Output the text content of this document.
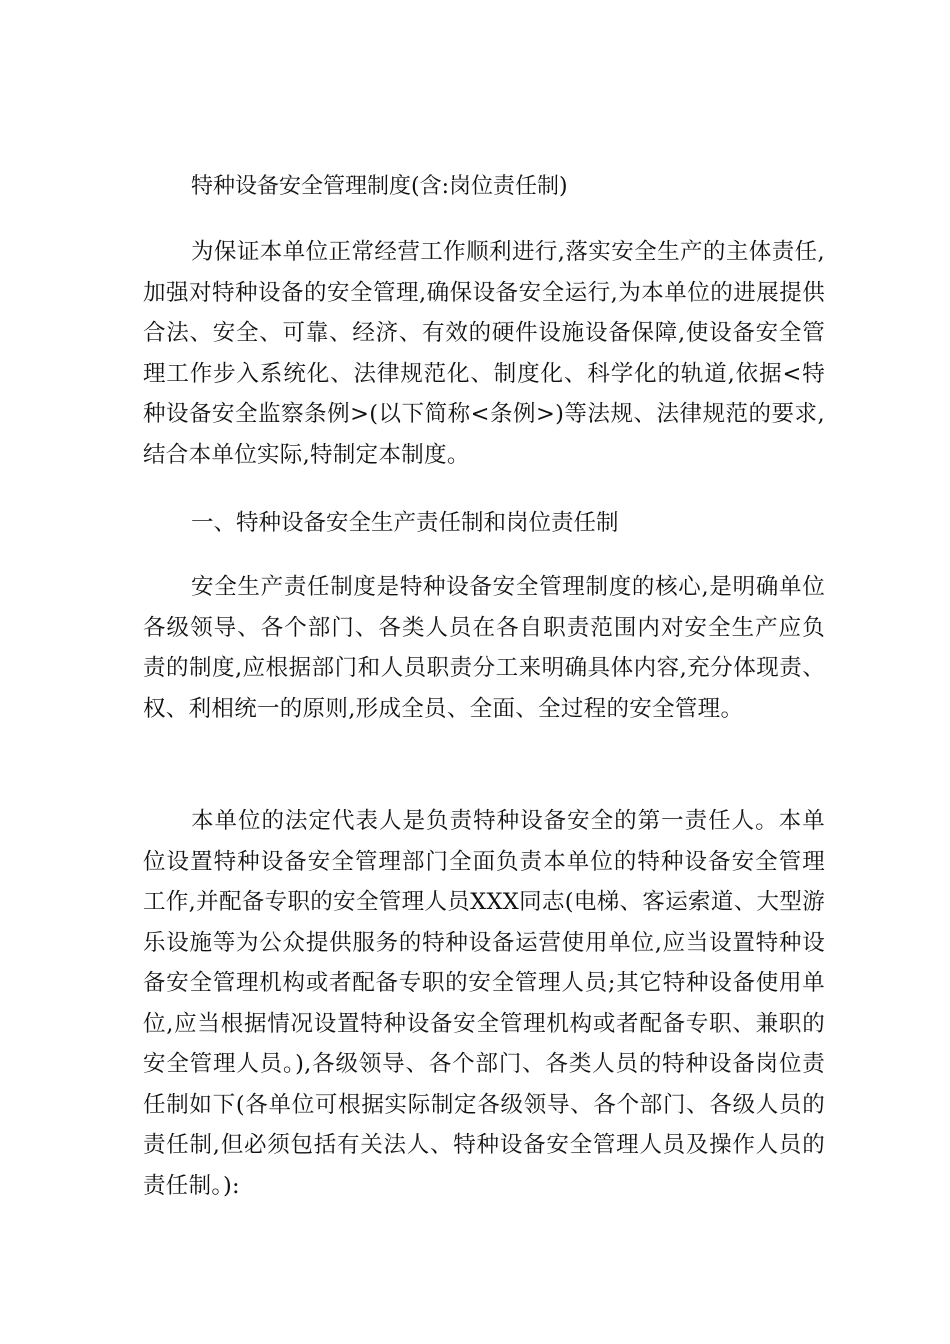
特种设备安全管理制度(含:岗位责任制)

为保证本单位正常经营工作顺利进行,落实安全生产的主体责任,加强对特种设备的安全管理,确保设备安全运行,为本单位的进展提供合法、安全、可靠、经济、有效的硬件设施设备保障,使设备安全管理工作步入系统化、法律规范化、制度化、科学化的轨道,依据<特种设备安全监察条例>(以下简称<条例>)等法规、法律规范的要求,结合本单位实际,特制定本制度。

一、特种设备安全生产责任制和岗位责任制

安全生产责任制度是特种设备安全管理制度的核心,是明确单位各级领导、各个部门、各类人员在各自职责范围内对安全生产应负责的制度,应根据部门和人员职责分工来明确具体内容,充分体现责、权、利相统一的原则,形成全员、全面、全过程的安全管理。

本单位的法定代表人是负责特种设备安全的第一责任人。本单位设置特种设备安全管理部门全面负责本单位的特种设备安全管理工作,并配备专职的安全管理人员XXX同志(电梯、客运索道、大型游乐设施等为公众提供服务的特种设备运营使用单位,应当设置特种设备安全管理机构或者配备专职的安全管理人员;其它特种设备使用单位,应当根据情况设置特种设备安全管理机构或者配备专职、兼职的安全管理人员。),各级领导、各个部门、各类人员的特种设备岗位责任制如下(各单位可根据实际制定各级领导、各个部门、各级人员的责任制,但必须包括有关法人、特种设备安全管理人员及操作人员的责任制。):
